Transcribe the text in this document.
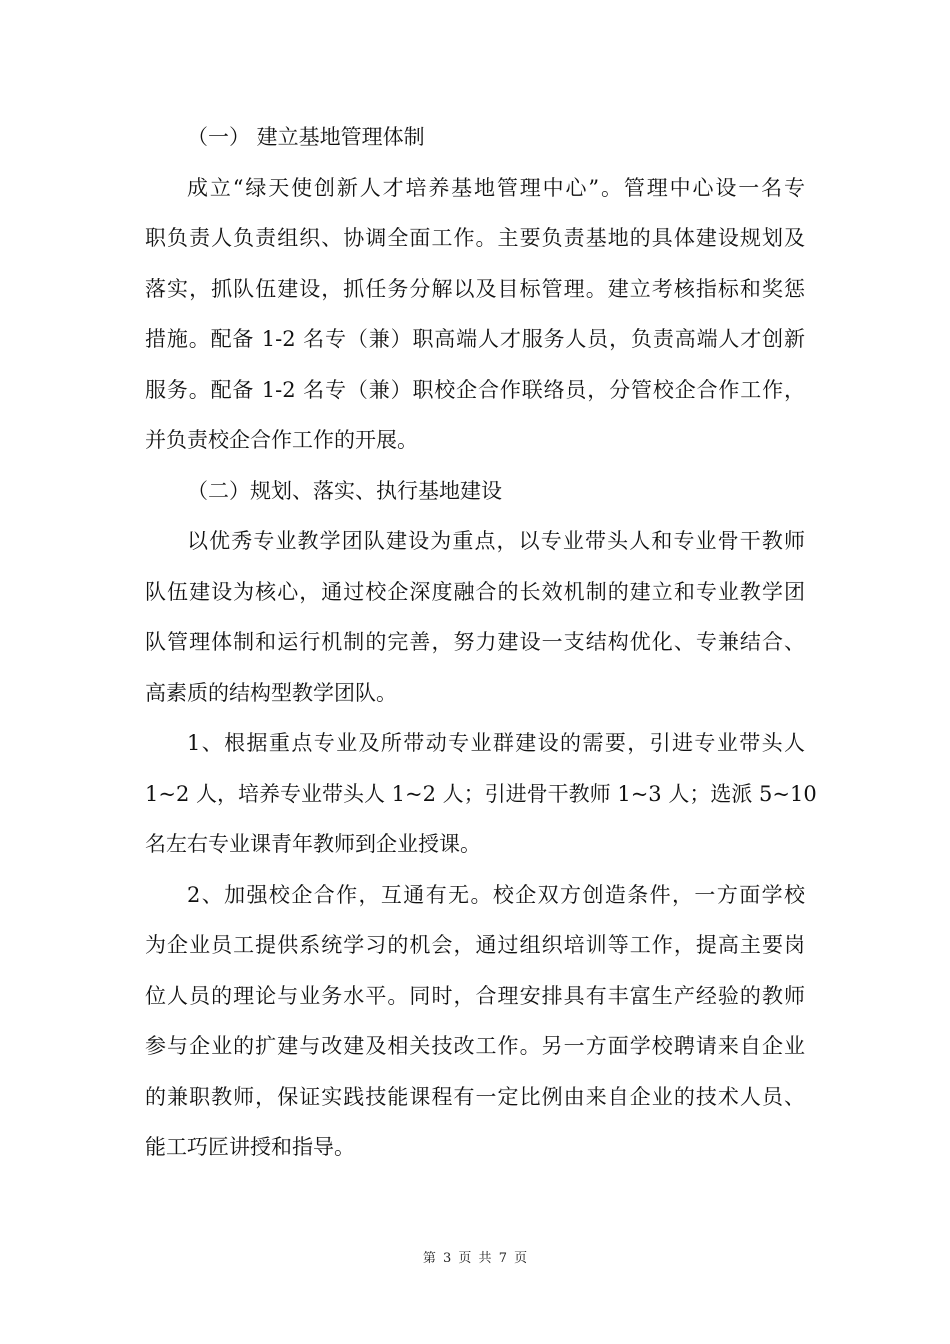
（一） 建立基地管理体制
成立“绿天使创新人才培养基地管理中心”。管理中心设一名专
职负责人负责组织、协调全面工作。主要负责基地的具体建设规划及
落实，抓队伍建设，抓任务分解以及目标管理。建立考核指标和奖惩
措施。配备 1-2 名专（兼）职高端人才服务人员，负责高端人才创新
服务。配备 1-2 名专（兼）职校企合作联络员，分管校企合作工作，
并负责校企合作工作的开展。
（二）规划、落实、执行基地建设
以优秀专业教学团队建设为重点，以专业带头人和专业骨干教师
队伍建设为核心，通过校企深度融合的长效机制的建立和专业教学团
队管理体制和运行机制的完善，努力建设一支结构优化、专兼结合、
高素质的结构型教学团队。
1、根据重点专业及所带动专业群建设的需要，引进专业带头人
1~2 人，培养专业带头人 1~2 人；引进骨干教师 1~3 人；选派 5~10
名左右专业课青年教师到企业授课。
2、加强校企合作，互通有无。校企双方创造条件，一方面学校
为企业员工提供系统学习的机会，通过组织培训等工作，提高主要岗
位人员的理论与业务水平。同时，合理安排具有丰富生产经验的教师
参与企业的扩建与改建及相关技改工作。另一方面学校聘请来自企业
的兼职教师，保证实践技能课程有一定比例由来自企业的技术人员、
能工巧匠讲授和指导。
第 3 页 共 7 页
